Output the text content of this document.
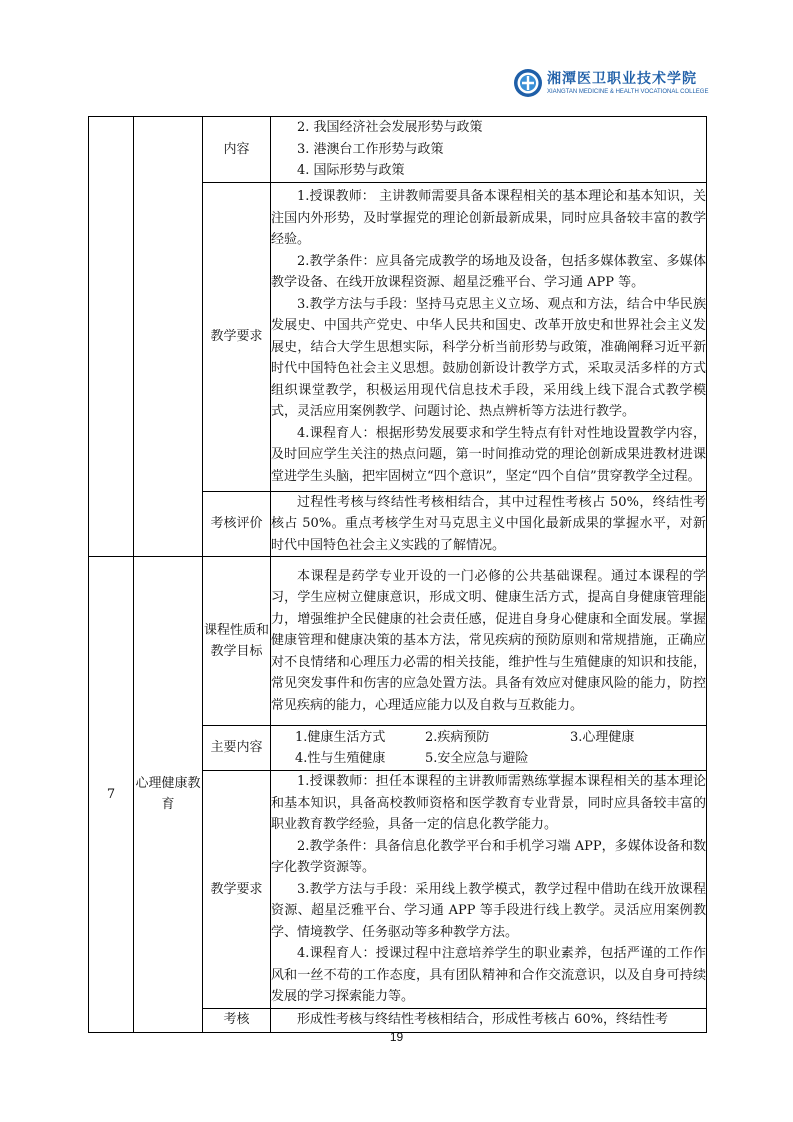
湘潭医卫职业技术学院
XIANGTAN MEDICINE & HEALTH VOCATIONAL COLLEGE
		内容	2. 我国经济社会发展形势与政策
3. 港澳台工作形势与政策
4. 国际形势与政策

		教学要求	1.授课教师： 主讲教师需要具备本课程相关的基本理论和基本知识，关注国内外形势，及时掌握党的理论创新最新成果，同时应具备较丰富的教学经验。

2.教学条件：应具备完成教学的场地及设备，包括多媒体教室、多媒体教学设备、在线开放课程资源、超星泛雅平台、学习通 APP 等。

3.教学方法与手段：坚持马克思主义立场、观点和方法，结合中华民族发展史、中国共产党史、中华人民共和国史、改革开放史和世界社会主义发展史，结合大学生思想实际，科学分析当前形势与政策，准确阐释习近平新时代中国特色社会主义思想。鼓励创新设计教学方式，采取灵活多样的方式组织课堂教学，积极运用现代信息技术手段，采用线上线下混合式教学模式，灵活应用案例教学、问题讨论、热点辨析等方法进行教学。

4.课程育人：根据形势发展要求和学生特点有针对性地设置教学内容，及时回应学生关注的热点问题，第一时间推动党的理论创新成果进教材进课堂进学生头脑，把牢固树立“四个意识”，坚定“四个自信”贯穿教学全过程。

		考核评价	过程性考核与终结性考核相结合，其中过程性考核占 50%，终结性考核占 50%。重点考核学生对马克思主义中国化最新成果的掌握水平，对新时代中国特色社会主义实践的了解情况。

7	心理健康教育	课程性质和教学目标	本课程是药学专业开设的一门必修的公共基础课程。通过本课程的学习，学生应树立健康意识，形成文明、健康生活方式，提高自身健康管理能力，增强维护全民健康的社会责任感，促进自身身心健康和全面发展。掌握健康管理和健康决策的基本方法，常见疾病的预防原则和常规措施，正确应对不良情绪和心理压力必需的相关技能，维护性与生殖健康的知识和技能，常见突发事件和伤害的应急处置方法。具备有效应对健康风险的能力，防控常见疾病的能力，心理适应能力以及自救与互救能力。

		主要内容	1.健康生活方式 2.疾病预防 3.心理健康
4.性与生殖健康 5.安全应急与避险

		教学要求	1.授课教师：担任本课程的主讲教师需熟练掌握本课程相关的基本理论和基本知识，具备高校教师资格和医学教育专业背景，同时应具备较丰富的职业教育教学经验，具备一定的信息化教学能力。

2.教学条件：具备信息化教学平台和手机学习端 APP，多媒体设备和数字化教学资源等。

3.教学方法与手段：采用线上教学模式，教学过程中借助在线开放课程资源、超星泛雅平台、学习通 APP 等手段进行线上教学。灵活应用案例教学、情境教学、任务驱动等多种教学方法。

4.课程育人：授课过程中注意培养学生的职业素养，包括严谨的工作作风和一丝不苟的工作态度，具有团队精神和合作交流意识，以及自身可持续发展的学习探索能力等。

		考核	形成性考核与终结性考核相结合，形成性考核占 60%，终结性考

19
